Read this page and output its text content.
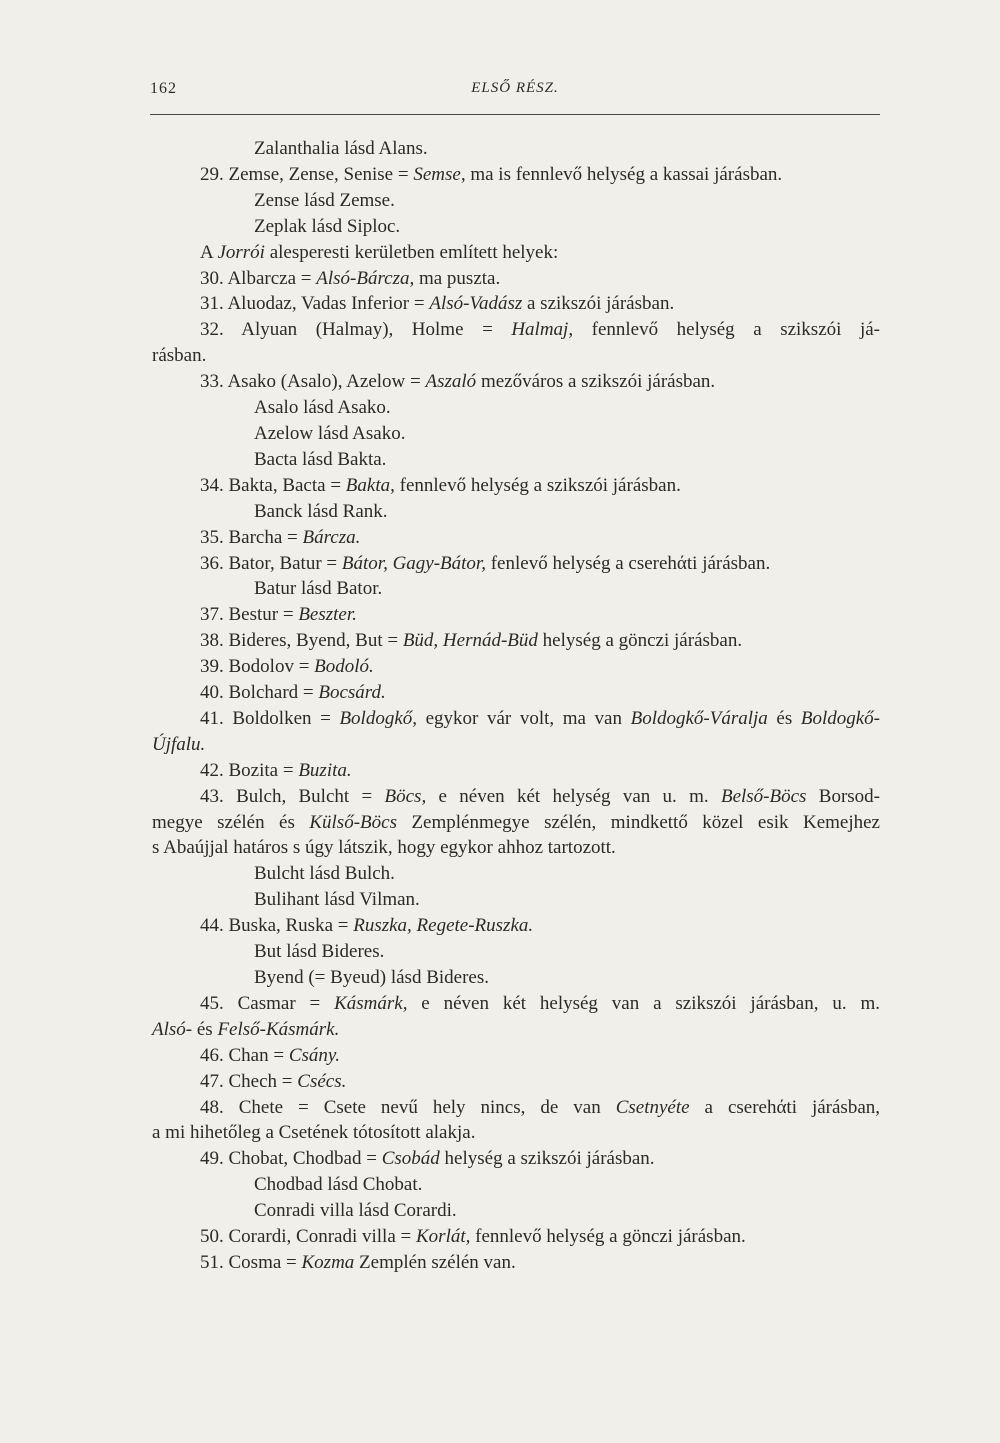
162	ELSŐ RÉSZ.

Zalanthalia lásd Alans.

29. Zemse, Zense, Senise = Semse, ma is fennlevő helység a kassai járásban.

Zense lásd Zemse.

Zeplak lásd Siploc.

A Jorrói alesperesti kerületben említett helyek:

30. Albarcza = Alsó-Bárcza, ma puszta.

31. Aluodaz, Vadas Inferior = Alsó-Vadász a szikszói járásban.

32. Alyuan (Halmay), Holme = Halmaj, fennlevő helység a szikszói já-

rásban.

33. Asako (Asalo), Azelow = Aszaló mezőváros a szikszói járásban.

Asalo lásd Asako.

Azelow lásd Asako.

Bacta lásd Bakta.

34. Bakta, Bacta = Bakta, fennlevő helység a szikszói járásban.

Banck lásd Rank.

35. Barcha = Bárcza.

36. Bator, Batur = Bátor, Gagy-Bátor, fenlevő helység a cserehάti járásban.

Batur lásd Bator.

37. Bestur = Beszter.

38. Bideres, Byend, But = Büd, Hernád-Büd helység a gönczi járásban.

39. Bodolov = Bodoló.

40. Bolchard = Bocsárd.

41. Boldolken = Boldogkő, egykor vár volt, ma van Boldogkő-Váralja és Boldogkő-

Újfalu.

42. Bozita = Buzita.

43. Bulch, Bulcht = Böcs, e néven két helység van u. m. Belső-Böcs Borsod-

megye szélén és Külső-Böcs Zemplénmegye szélén, mindkettő közel esik Kemejhez

s Abaújjal határos s úgy látszik, hogy egykor ahhoz tartozott.

Bulcht lásd Bulch.

Bulihant lásd Vilman.

44. Buska, Ruska = Ruszka, Regete-Ruszka.

But lásd Bideres.

Byend (= Byeud) lásd Bideres.

45. Casmar = Kásmárk, e néven két helység van a szikszói járásban, u. m.

Alsó- és Felső-Kásmárk.

46. Chan = Csány.

47. Chech = Csécs.

48. Chete = Csete nevű hely nincs, de van Csetnyéte a cserehάti járásban,

a mi hihetőleg a Csetének tótosított alakja.

49. Chobat, Chodbad = Csobád helység a szikszói járásban.

Chodbad lásd Chobat.

Conradi villa lásd Corardi.

50. Corardi, Conradi villa = Korlát, fennlevő helység a gönczi járásban.

51. Cosma = Kozma Zemplén szélén van.
